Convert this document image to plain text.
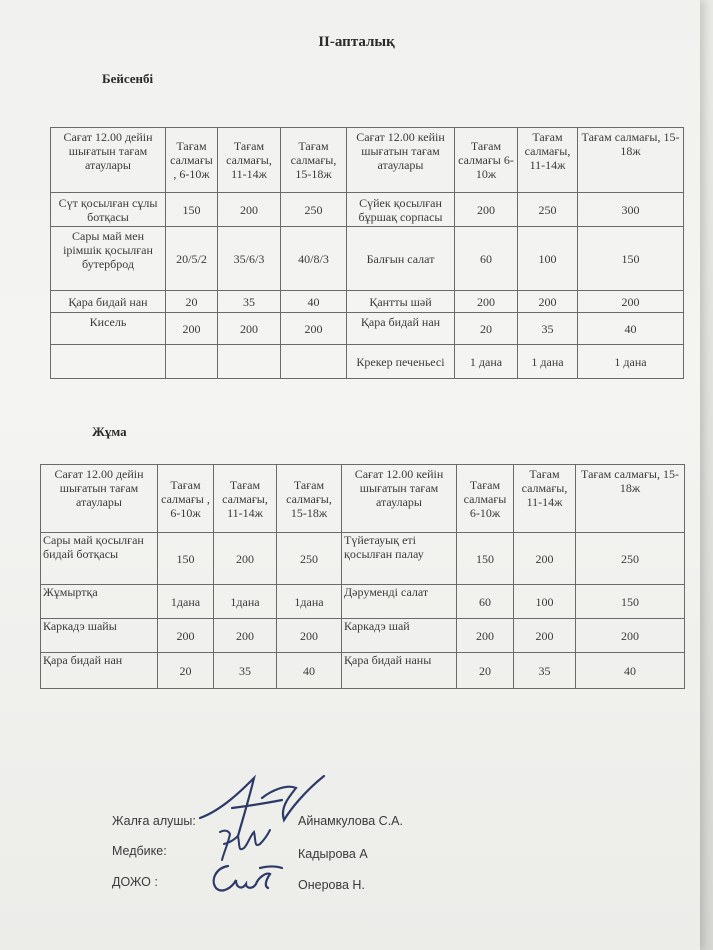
II-апталық
Бейсенбі
Сағат 12.00 дейін шығатын тағам атаулары	Тағам салмағы , 6-10ж	Тағам салмағы, 11-14ж	Тағам салмағы, 15-18ж	Сағат 12.00 кейін шығатын тағам атаулары	Тағам салмағы 6-10ж	Тағам салмағы, 11-14ж	Тағам салмағы, 15-18ж
Сүт қосылған сұлы ботқасы	150	200	250	Сүйек қосылған бұршақ сорпасы	200	250	300
Сары май мен ірімшік қосылған бутерброд	20/5/2	35/6/3	40/8/3	Балғын салат	60	100	150
Қара бидай нан	20	35	40	Қантты шәй	200	200	200
Кисель	200	200	200	Қара бидай нан	20	35	40
				Крекер печеньесі	1 дана	1 дана	1 дана
Жұма
Сағат 12.00 дейін шығатын тағам атаулары	Тағам салмағы , 6-10ж	Тағам салмағы, 11-14ж	Тағам салмағы, 15-18ж	Сағат 12.00 кейін шығатын тағам атаулары	Тағам салмағы 6-10ж	Тағам салмағы, 11-14ж	Тағам салмағы, 15-18ж
Сары май қосылған бидай ботқасы	150	200	250	Түйетауық еті қосылған палау	150	200	250
Жұмыртқа	1дана	1дана	1дана	Дәруменді салат	60	100	150
Каркадэ шайы	200	200	200	Каркадэ шай	200	200	200
Қара бидай нан	20	35	40	Қара бидай наны	20	35	40
Жалға алушы:	Айнамкулова С.А.
Медбике:	Кадырова А
ДОЖО :	Онерова Н.
